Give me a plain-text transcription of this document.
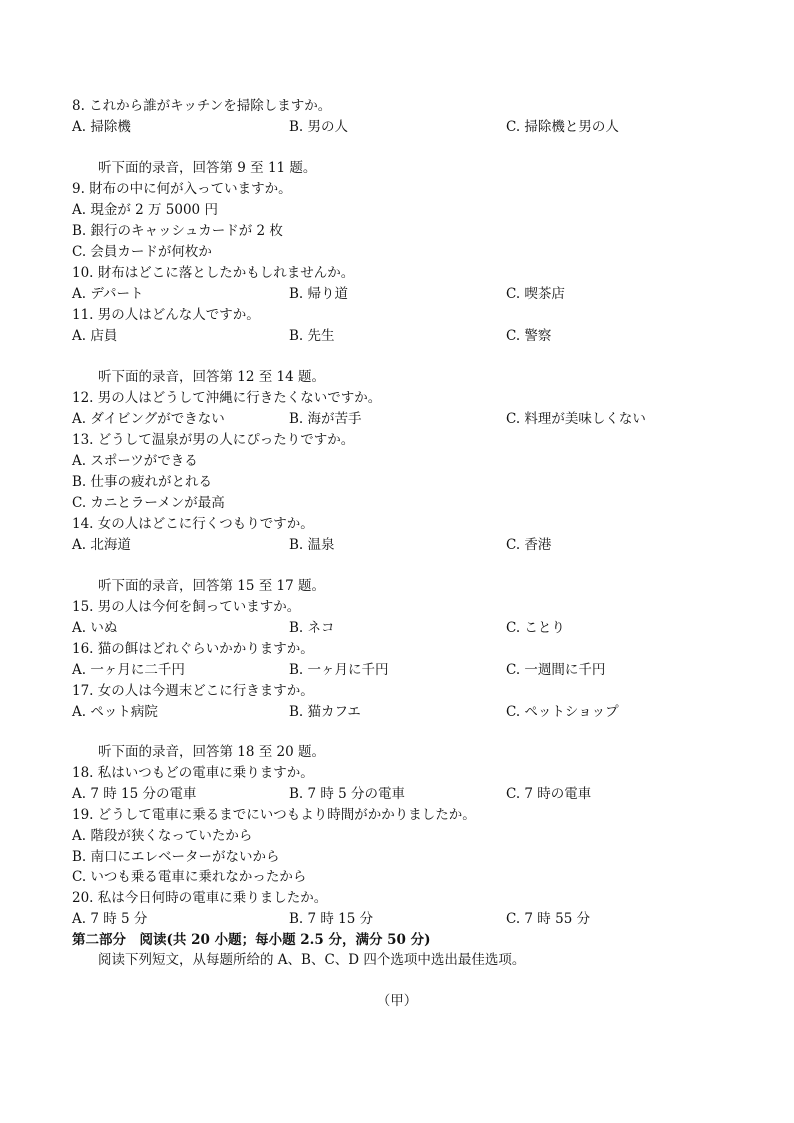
8. これから誰がキッチンを掃除しますか。
A. 掃除機	B. 男の人	C. 掃除機と男の人
听下面的录音，回答第 9 至 11 题。
9. 財布の中に何が入っていますか。
A. 現金が 2 万 5000 円
B. 銀行のキャッシュカードが 2 枚
C. 会員カードが何枚か
10. 財布はどこに落としたかもしれませんか。
A. デパート	B. 帰り道	C. 喫茶店
11. 男の人はどんな人ですか。
A. 店員	B. 先生	C. 警察
听下面的录音，回答第 12 至 14 题。
12. 男の人はどうして沖縄に行きたくないですか。
A. ダイビングができない	B. 海が苦手	C. 料理が美味しくない
13. どうして温泉が男の人にぴったりですか。
A. スポーツができる
B. 仕事の疲れがとれる
C. カニとラーメンが最高
14. 女の人はどこに行くつもりですか。
A. 北海道	B. 温泉	C. 香港
听下面的录音，回答第 15 至 17 题。
15. 男の人は今何を飼っていますか。
A. いぬ	B. ネコ	C. ことり
16. 猫の餌はどれぐらいかかりますか。
A. 一ヶ月に二千円	B. 一ヶ月に千円	C. 一週間に千円
17. 女の人は今週末どこに行きますか。
A. ペット病院	B. 猫カフエ	C. ペットショップ
听下面的录音，回答第 18 至 20 题。
18. 私はいつもどの電車に乗りますか。
A. 7 時 15 分の電車	B. 7 時 5 分の電車	C. 7 時の電車
19. どうして電車に乗るまでにいつもより時間がかかりましたか。
A. 階段が狭くなっていたから
B. 南口にエレベーターがないから
C. いつも乗る電車に乗れなかったから
20. 私は今日何時の電車に乗りましたか。
A. 7 時 5 分	B. 7 時 15 分	C. 7 時 55 分
第二部分　阅读(共 20 小题；每小题 2.5 分，满分 50 分)
阅读下列短文，从每题所给的 A、B、C、D 四个选项中选出最佳选项。
（甲）
